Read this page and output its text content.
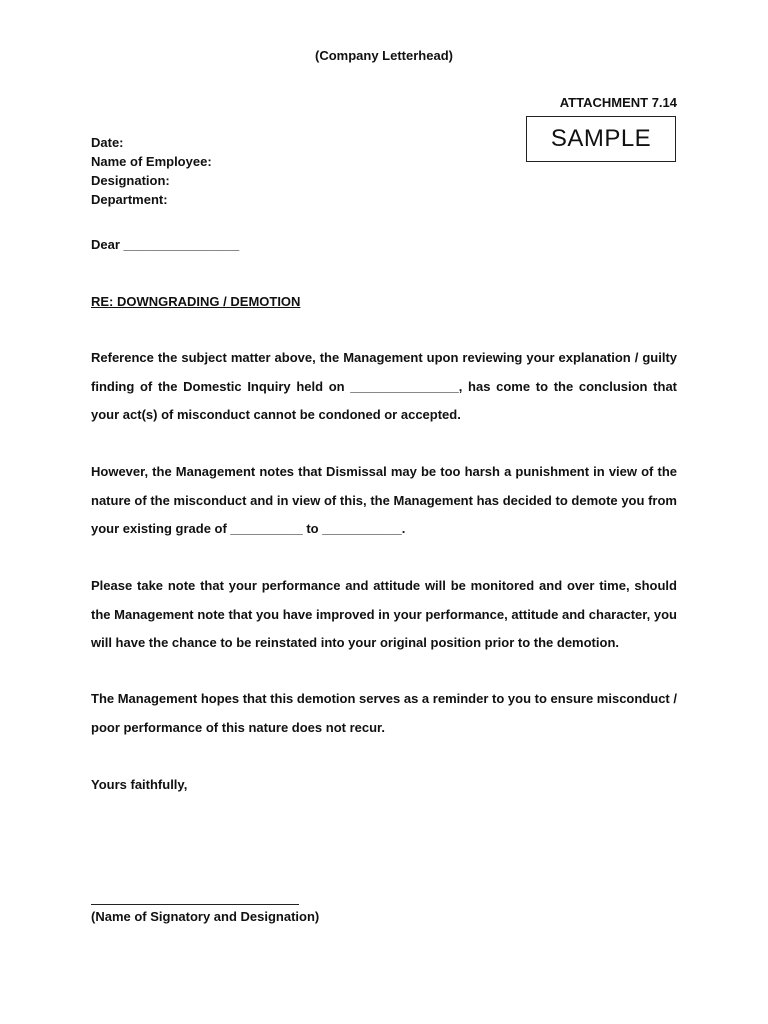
(Company Letterhead)
ATTACHMENT 7.14
SAMPLE
Date:
Name of Employee:
Designation:
Department:
Dear ________________
RE: DOWNGRADING / DEMOTION
Reference the subject matter above, the Management upon reviewing your explanation / guilty finding of the Domestic Inquiry held on _______________, has come to the conclusion that your act(s) of misconduct cannot be condoned or accepted.
However, the Management notes that Dismissal may be too harsh a punishment in view of the nature of the misconduct and in view of this, the Management has decided to demote you from your existing grade of __________ to ___________.
Please take note that your performance and attitude will be monitored and over time, should the Management note that you have improved in your performance, attitude and character, you will have the chance to be reinstated into your original position prior to the demotion.
The Management hopes that this demotion serves as a reminder to you to ensure misconduct / poor performance of this nature does not recur.
Yours faithfully,
(Name of Signatory and Designation)
